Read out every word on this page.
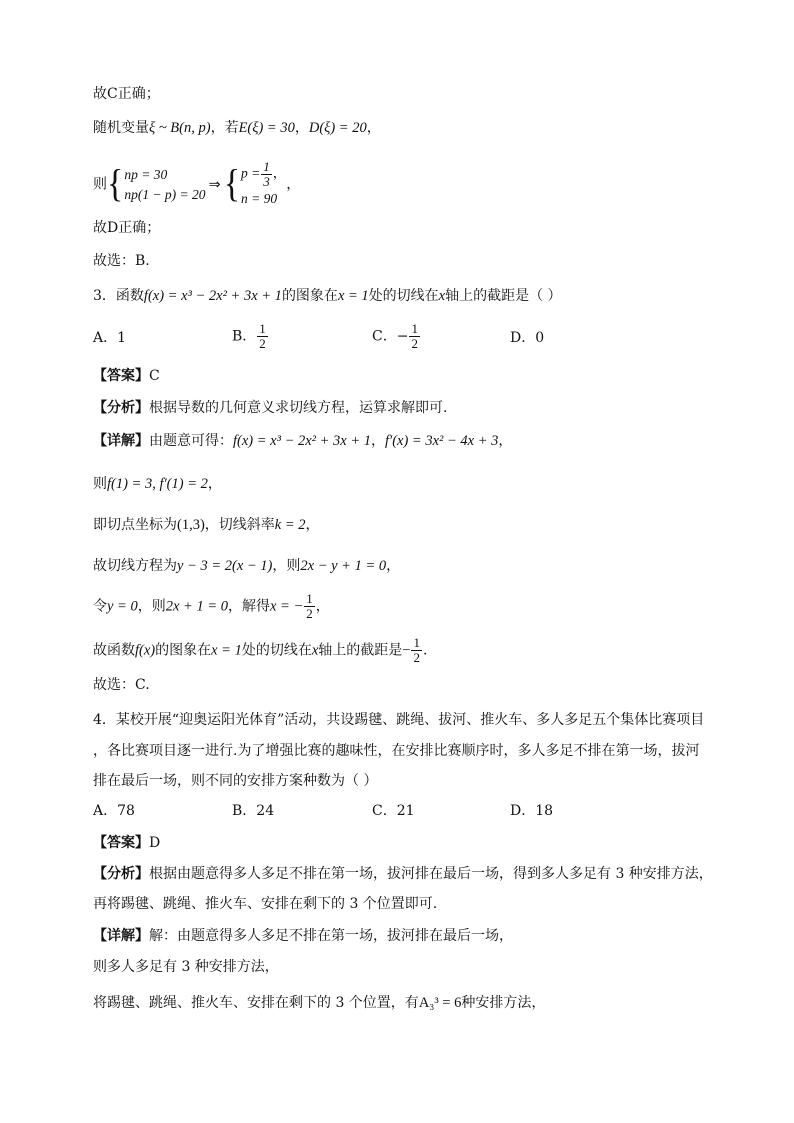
故C正确；
随机变量ξ ~ B(n, p)，若E(ξ) = 30，D(ξ) = 20，
则{ np = 30
np(1 − p) = 20
⇒{ $p = \frac{1}{3}$ ，
n = 90
，
故D正确；
故选：B.
3．函数f(x) = x³ − 2x² + 3x + 1的图象在x = 1处的切线在x轴上的截距是（ ）
A．1	B． $\frac{1}{2}$	C．− $\frac{1}{2}$	D．0
【答案】C
【分析】根据导数的几何意义求切线方程，运算求解即可.
【详解】由题意可得：f(x) = x³ − 2x² + 3x + 1，f′(x) = 3x² − 4x + 3，
则f(1) = 3, f′(1) = 2，
即切点坐标为(1,3)，切线斜率k = 2，
故切线方程为y − 3 = 2(x − 1)，则2x − y + 1 = 0，
令y = 0，则2x + 1 = 0，解得x = − $\frac{1}{2}$ ，
故函数f(x)的图象在x = 1处的切线在x轴上的截距是− $\frac{1}{2}$ .
故选：C.
4．某校开展“迎奥运阳光体育”活动，共设踢毽、跳绳、拔河、推火车、多人多足五个集体比赛项目
，各比赛项目逐一进行.为了增强比赛的趣味性，在安排比赛顺序时，多人多足不排在第一场，拔河
排在最后一场，则不同的安排方案种数为（ ）
A．78	B．24	C．21	D．18
【答案】D
【分析】根据由题意得多人多足不排在第一场，拔河排在最后一场，得到多人多足有 3 种安排方法，
再将踢毽、跳绳、推火车、安排在剩下的 3 个位置即可.
【详解】解：由题意得多人多足不排在第一场，拔河排在最后一场，
则多人多足有 3 种安排方法，
将踢毽、跳绳、推火车、安排在剩下的 3 个位置，有A₃³ = 6种安排方法，
